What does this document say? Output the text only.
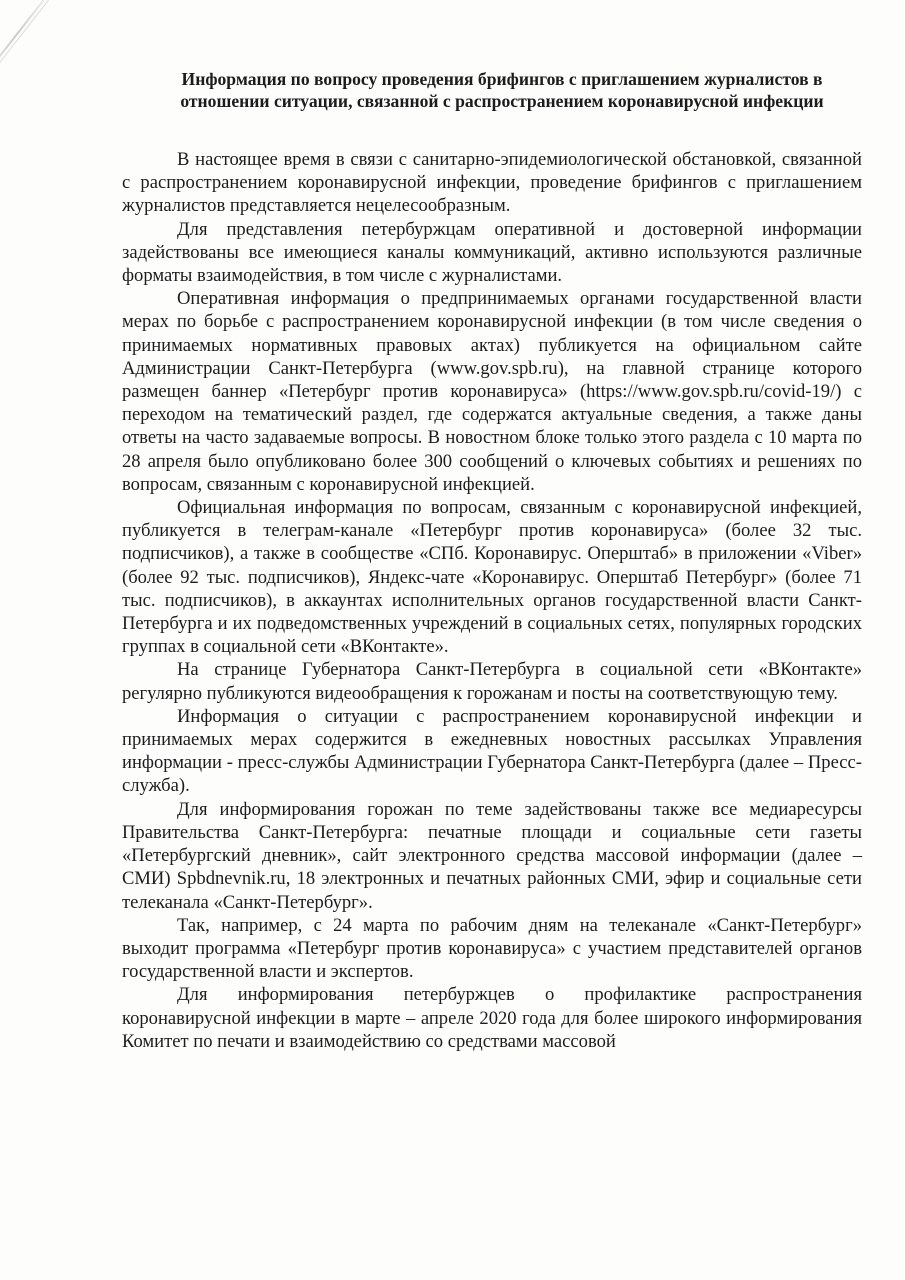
Информация по вопросу проведения брифингов с приглашением журналистов в отношении ситуации, связанной с распространением коронавирусной инфекции

В настоящее время в связи с санитарно-эпидемиологической обстановкой, связанной с распространением коронавирусной инфекции, проведение брифингов с приглашением журналистов представляется нецелесообразным.

Для представления петербуржцам оперативной и достоверной информации задействованы все имеющиеся каналы коммуникаций, активно используются различные форматы взаимодействия, в том числе с журналистами.

Оперативная информация о предпринимаемых органами государственной власти мерах по борьбе с распространением коронавирусной инфекции (в том числе сведения о принимаемых нормативных правовых актах) публикуется на официальном сайте Администрации Санкт-Петербурга (www.gov.spb.ru), на главной странице которого размещен баннер «Петербург против коронавируса» (https://www.gov.spb.ru/covid-19/) с переходом на тематический раздел, где содержатся актуальные сведения, а также даны ответы на часто задаваемые вопросы. В новостном блоке только этого раздела с 10 марта по 28 апреля было опубликовано более 300 сообщений о ключевых событиях и решениях по вопросам, связанным с коронавирусной инфекцией.

Официальная информация по вопросам, связанным с коронавирусной инфекцией, публикуется в телеграм-канале «Петербург против коронавируса» (более 32 тыс. подписчиков), а также в сообществе «СПб. Коронавирус. Оперштаб» в приложении «Viber» (более 92 тыс. подписчиков), Яндекс-чате «Коронавирус. Оперштаб Петербург» (более 71 тыс. подписчиков), в аккаунтах исполнительных органов государственной власти Санкт-Петербурга и их подведомственных учреждений в социальных сетях, популярных городских группах в социальной сети «ВКонтакте».

На странице Губернатора Санкт-Петербурга в социальной сети «ВКонтакте» регулярно публикуются видеообращения к горожанам и посты на соответствующую тему.

Информация о ситуации с распространением коронавирусной инфекции и принимаемых мерах содержится в ежедневных новостных рассылках Управления информации - пресс-службы Администрации Губернатора Санкт-Петербурга (далее – Пресс-служба).

Для информирования горожан по теме задействованы также все медиаресурсы Правительства Санкт-Петербурга: печатные площади и социальные сети газеты «Петербургский дневник», сайт электронного средства массовой информации (далее – СМИ) Spbdnevnik.ru, 18 электронных и печатных районных СМИ, эфир и социальные сети телеканала «Санкт-Петербург».

Так, например, с 24 марта по рабочим дням на телеканале «Санкт-Петербург» выходит программа «Петербург против коронавируса» с участием представителей органов государственной власти и экспертов.

Для информирования петербуржцев о профилактике распространения коронавирусной инфекции в марте – апреле 2020 года для более широкого информирования Комитет по печати и взаимодействию со средствами массовой
